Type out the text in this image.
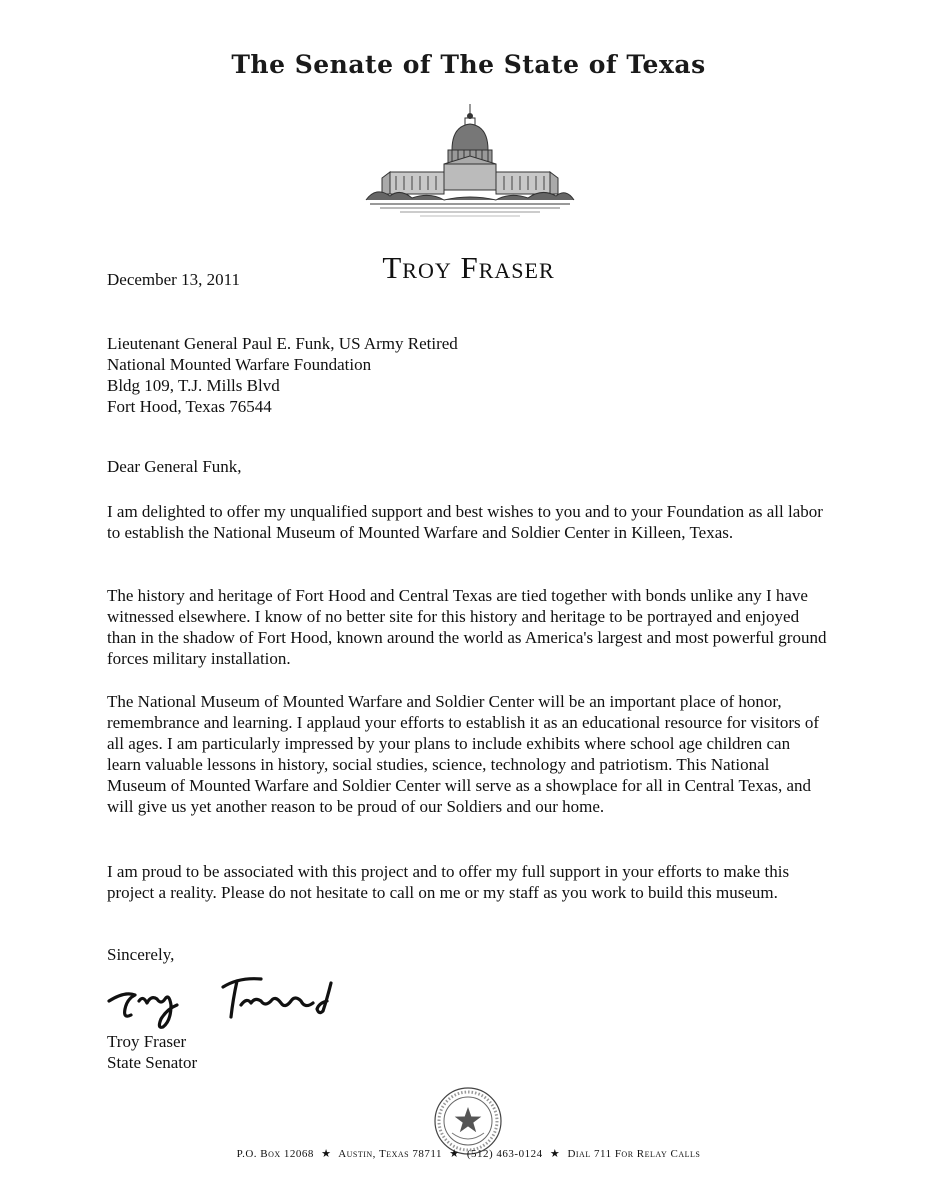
The Senate of The State of Texas
Troy Fraser
December 13, 2011
Lieutenant General Paul E. Funk, US Army Retired
National Mounted Warfare Foundation
Bldg 109, T.J. Mills Blvd
Fort Hood, Texas 76544
Dear General Funk,
I am delighted to offer my unqualified support and best wishes to you and to your Foundation as all labor to establish the National Museum of Mounted Warfare and Soldier Center in Killeen, Texas.
The history and heritage of Fort Hood and Central Texas are tied together with bonds unlike any I have witnessed elsewhere. I know of no better site for this history and heritage to be portrayed and enjoyed than in the shadow of Fort Hood, known around the world as America's largest and most powerful ground forces military installation.
The National Museum of Mounted Warfare and Soldier Center will be an important place of honor, remembrance and learning. I applaud your efforts to establish it as an educational resource for visitors of all ages. I am particularly impressed by your plans to include exhibits where school age children can learn valuable lessons in history, social studies, science, technology and patriotism. This National Museum of Mounted Warfare and Soldier Center will serve as a showplace for all in Central Texas, and will give us yet another reason to be proud of our Soldiers and our home.
I am proud to be associated with this project and to offer my full support in your efforts to make this project a reality. Please do not hesitate to call on me or my staff as you work to build this museum.
Sincerely,
Troy Fraser
State Senator
P.O. Box 12068 ★ Austin, Texas 78711 ★ (512) 463-0124 ★ Dial 711 For Relay Calls
